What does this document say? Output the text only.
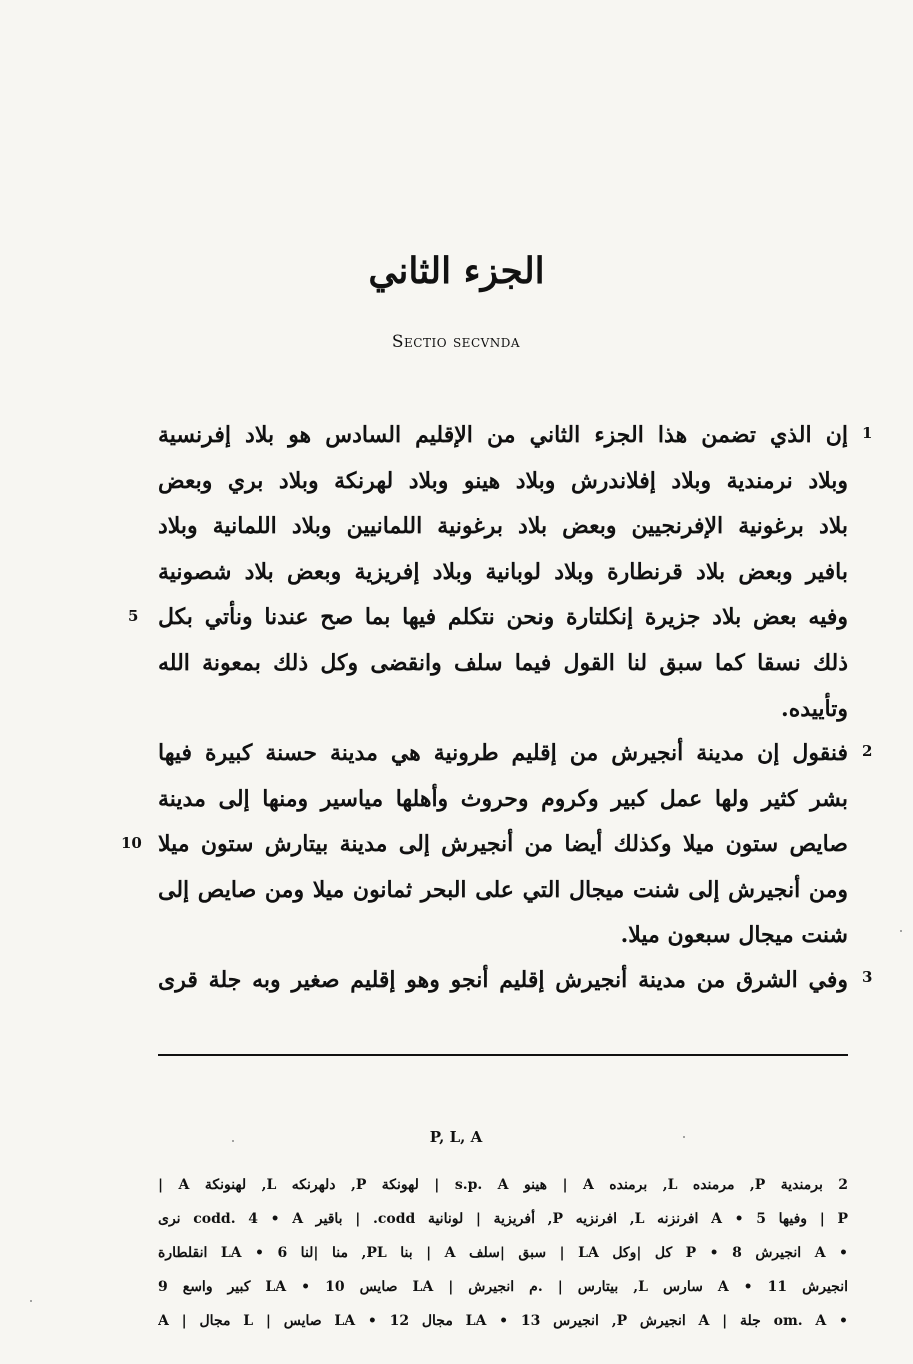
الجزء الثاني
Sectio secvnda
1
إن الذي تضمن هذا الجزء الثاني من الإقليم السادس هو بلاد إفرنسية
وبلاد نرمندية وبلاد إفلاندرش وبلاد هينو وبلاد لهرنكة وبلاد بري وبعض
بلاد برغونية الإفرنجيين وبعض بلاد برغونية اللمانيين وبلاد اللمانية وبلاد
بافير وبعض بلاد قرنطارة وبلاد لوبانية وبلاد إفريزية وبعض بلاد شصونية
وفيه بعض بلاد جزيرة إنكلتارة ونحن نتكلم فيها بما صح عندنا ونأتي بكل
ذلك نسقا كما سبق لنا القول فيما سلف وانقضى وكل ذلك بمعونة الله
وتأييده.
5
2
فنقول إن مدينة أنجيرش من إقليم طرونية هي مدينة حسنة كبيرة فيها
بشر كثير ولها عمل كبير وكروم وحروث وأهلها مياسير ومنها إلى مدينة
صايص ستون ميلا وكذلك أيضا من أنجيرش إلى مدينة بيتارش ستون ميلا
ومن أنجيرش إلى شنت ميجال التي على البحر ثمانون ميلا ومن صايص إلى
شنت ميجال سبعون ميلا.
10
3
وفي الشرق من مدينة أنجيرش إقليم أنجو وهو إقليم صغير وبه جلة قرى
P, L, A
2 برمندية P, مرمنده L, برمنده A | هينو s.p. A | لهونكة P, دلهرنكه L, لهنونكة A |
P | وفيها 5 • A افرنزنه L, افرنزيه P, أفريزية | لونانية codd. | باقير codd. 4 • A نرى
• A انجيرش 8 • P كل |وكل LA | سبق |سلف A | بنا PL, منا |لنا 6 • LA انقلطارة
انجيرش 11 • A سارس L, بيتارس | .م انجيرش | LA صايس 10 • LA كبير واسع 9
• om. A جلة | A انجيرش P, انجيرس 13 • LA مجال 12 • LA صايس | L مجال | A
